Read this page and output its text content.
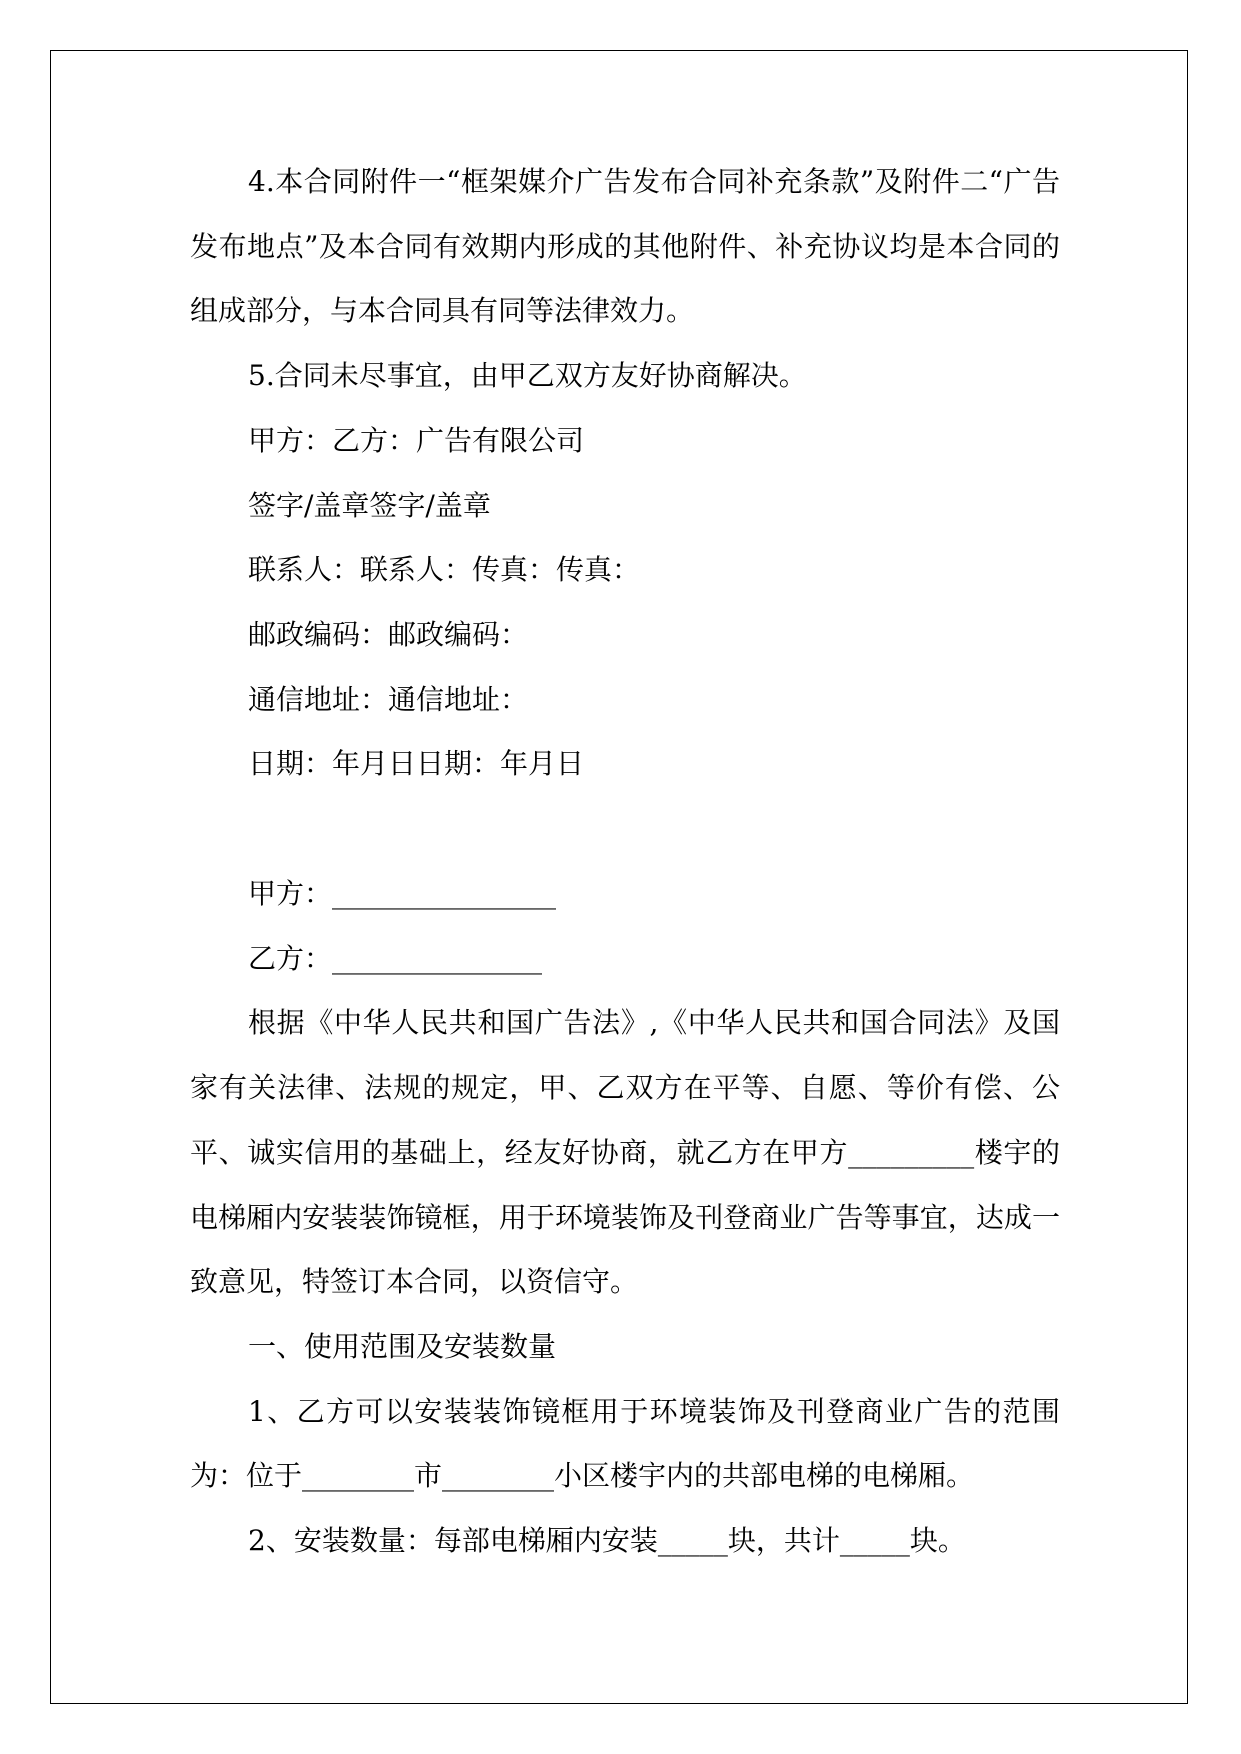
4.本合同附件一“框架媒介广告发布合同补充条款”及附件二“广告发布地点”及本合同有效期内形成的其他附件、补充协议均是本合同的组成部分，与本合同具有同等法律效力。

5.合同未尽事宜，由甲乙双方友好协商解决。

甲方：乙方：广告有限公司

签字/盖章签字/盖章

联系人：联系人：传真：传真：

邮政编码：邮政编码：

通信地址：通信地址：

日期：年月日日期：年月日

甲方：________________

乙方：_______________

根据《中华人民共和国广告法》,《中华人民共和国合同法》及国家有关法律、法规的规定，甲、乙双方在平等、自愿、等价有偿、公平、诚实信用的基础上，经友好协商，就乙方在甲方_________楼宇的电梯厢内安装装饰镜框，用于环境装饰及刊登商业广告等事宜，达成一致意见，特签订本合同，以资信守。

一、使用范围及安装数量

1、乙方可以安装装饰镜框用于环境装饰及刊登商业广告的范围为：位于________市________小区楼宇内的共部电梯的电梯厢。

2、安装数量：每部电梯厢内安装_____块，共计_____块。
